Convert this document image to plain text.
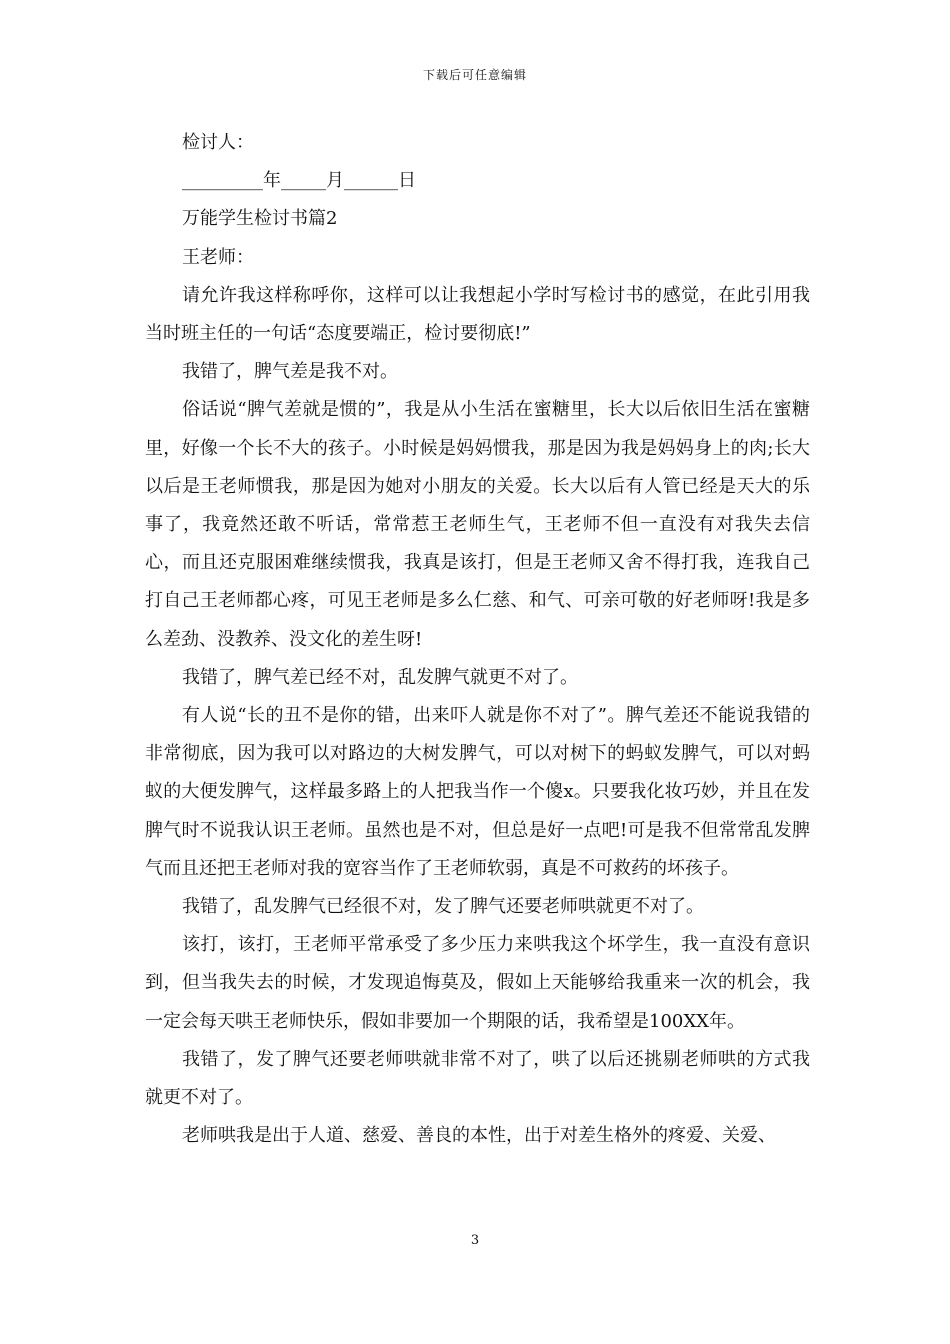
下载后可任意编辑

检讨人：

_________年_____月______日

万能学生检讨书篇2

王老师：

请允许我这样称呼你，这样可以让我想起小学时写检讨书的感觉，在此引用我当时班主任的一句话“态度要端正，检讨要彻底!”

我错了，脾气差是我不对。

俗话说“脾气差就是惯的”，我是从小生活在蜜糖里，长大以后依旧生活在蜜糖里，好像一个长不大的孩子。小时候是妈妈惯我，那是因为我是妈妈身上的肉;长大以后是王老师惯我，那是因为她对小朋友的关爱。长大以后有人管已经是天大的乐事了，我竟然还敢不听话，常常惹王老师生气，王老师不但一直没有对我失去信心，而且还克服困难继续惯我，我真是该打，但是王老师又舍不得打我，连我自己打自己王老师都心疼，可见王老师是多么仁慈、和气、可亲可敬的好老师呀!我是多么差劲、没教养、没文化的差生呀!

我错了，脾气差已经不对，乱发脾气就更不对了。

有人说“长的丑不是你的错，出来吓人就是你不对了”。脾气差还不能说我错的非常彻底，因为我可以对路边的大树发脾气，可以对树下的蚂蚁发脾气，可以对蚂蚁的大便发脾气，这样最多路上的人把我当作一个傻x。只要我化妆巧妙，并且在发脾气时不说我认识王老师。虽然也是不对，但总是好一点吧!可是我不但常常乱发脾气而且还把王老师对我的宽容当作了王老师软弱，真是不可救药的坏孩子。

我错了，乱发脾气已经很不对，发了脾气还要老师哄就更不对了。

该打，该打，王老师平常承受了多少压力来哄我这个坏学生，我一直没有意识到，但当我失去的时候，才发现追悔莫及，假如上天能够给我重来一次的机会，我一定会每天哄王老师快乐，假如非要加一个期限的话，我希望是100XX年。

我错了，发了脾气还要老师哄就非常不对了，哄了以后还挑剔老师哄的方式我就更不对了。

老师哄我是出于人道、慈爱、善良的本性，出于对差生格外的疼爱、关爱、

3
